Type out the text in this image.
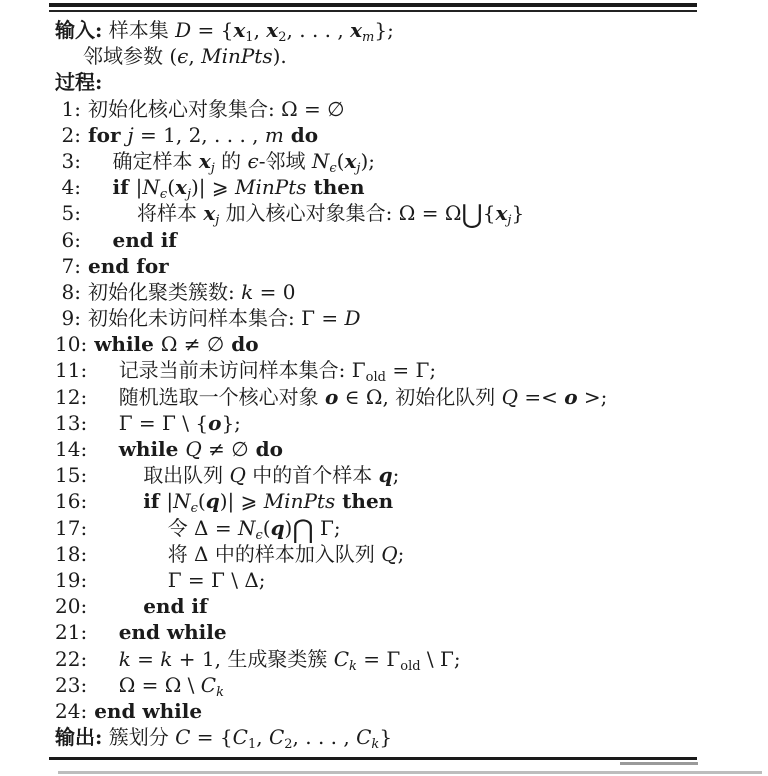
输入: 样本集 $D = \{x_1$, $x_2$, . . . , $x_m$};
邻域参数 (ϵ, MinPts).
过程:
1: 初始化核心对象集合: Ω = ∅
2: for j = 1, 2, . . . , m do
3:	确定样本 $x_j$ 的 ϵ-邻域 $N_\epsilon(x_j)$;
4:	if $|N_\epsilon(x_j)|$ ⩾ MinPts then
5:	将样本 $x_j$ 加入核心对象集合: $\Omega = \Omega⋃\{x_j\}$
6:	end if
7: end for
8: 初始化聚类簇数: k = 0
9: 初始化未访问样本集合: Γ = D
10: while Ω ≠ ∅ do
11:	记录当前未访问样本集合: $\Gamma_{old} = \Gamma$;
12:	随机选取一个核心对象 o ∈ Ω, 初始化队列 Q =< o >;
13:	Γ = Γ \ {o};
14:	while Q ≠ ∅ do
15:	取出队列 Q 中的首个样本 q;
16:	if $|N_\epsilon(q)|$ ⩾ MinPts then
17:	令 $\Delta = N_\epsilon(q)⋂$ Γ;
18:	将 Δ 中的样本加入队列 Q;
19:	Γ = Γ \ Δ;
20:	end if
21:	end while
22:	k = k + 1, 生成聚类簇 $C_k = \Gamma_{old}$ \ Γ;
23:	Ω = Ω \ $C_k$
24: end while
输出: 簇划分 $C = \{C_1$, $C_2$, . . . , $C_k$}
